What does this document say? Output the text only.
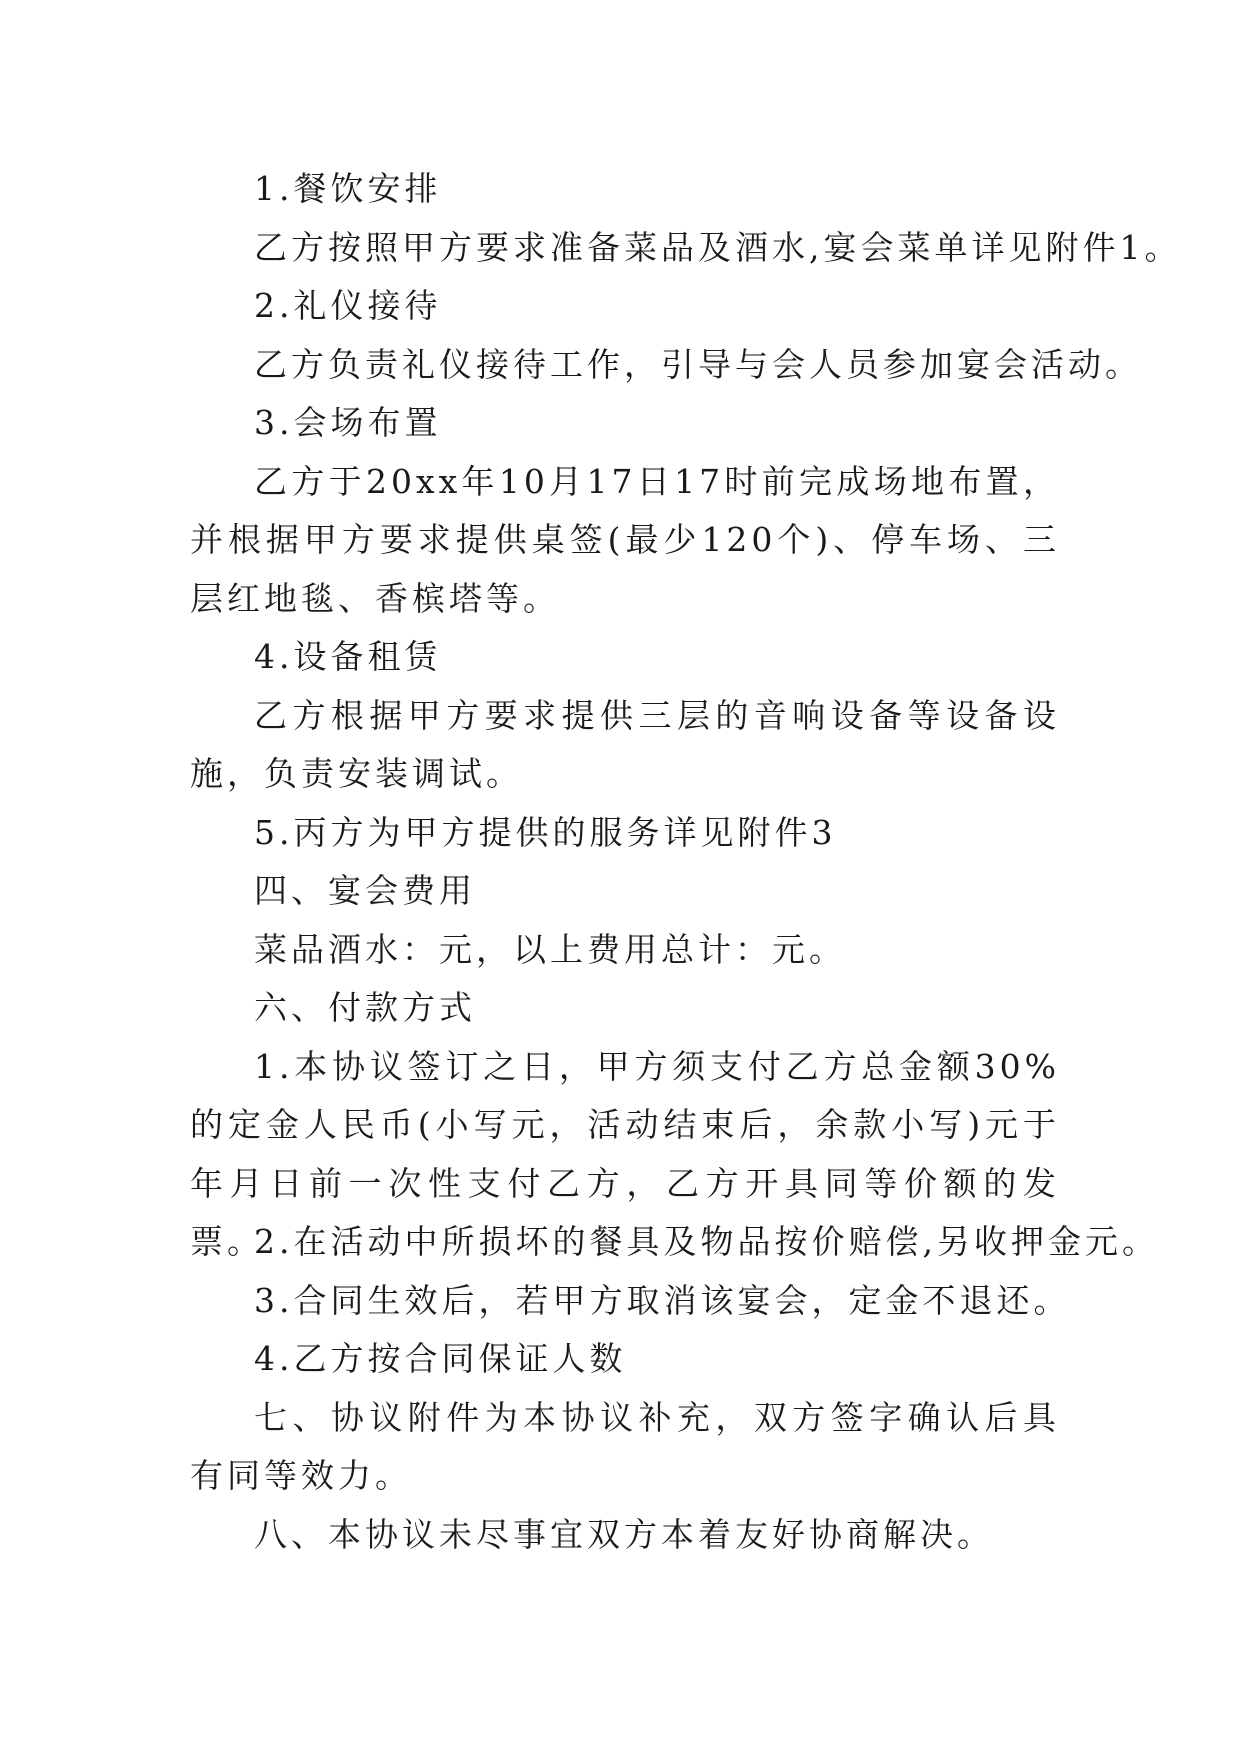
1.餐饮安排
乙方按照甲方要求准备菜品及酒水,宴会菜单详见附件1。
2.礼仪接待
乙方负责礼仪接待工作，引导与会人员参加宴会活动。
3.会场布置
乙方于20xx年10月17日17时前完成场地布置，并根据甲方要求提供桌签(最少120个)、停车场、三层红地毯、香槟塔等。
4.设备租赁
乙方根据甲方要求提供三层的音响设备等设备设施，负责安装调试。
5.丙方为甲方提供的服务详见附件3
四、宴会费用
菜品酒水：元，以上费用总计：元。
六、付款方式
1.本协议签订之日，甲方须支付乙方总金额30%的定金人民币(小写元，活动结束后，余款小写)元于年月日前一次性支付乙方，乙方开具同等价额的发票。
2.在活动中所损坏的餐具及物品按价赔偿,另收押金元。
3.合同生效后，若甲方取消该宴会，定金不退还。
4.乙方按合同保证人数
七、协议附件为本协议补充，双方签字确认后具有同等效力。
八、本协议未尽事宜双方本着友好协商解决。
